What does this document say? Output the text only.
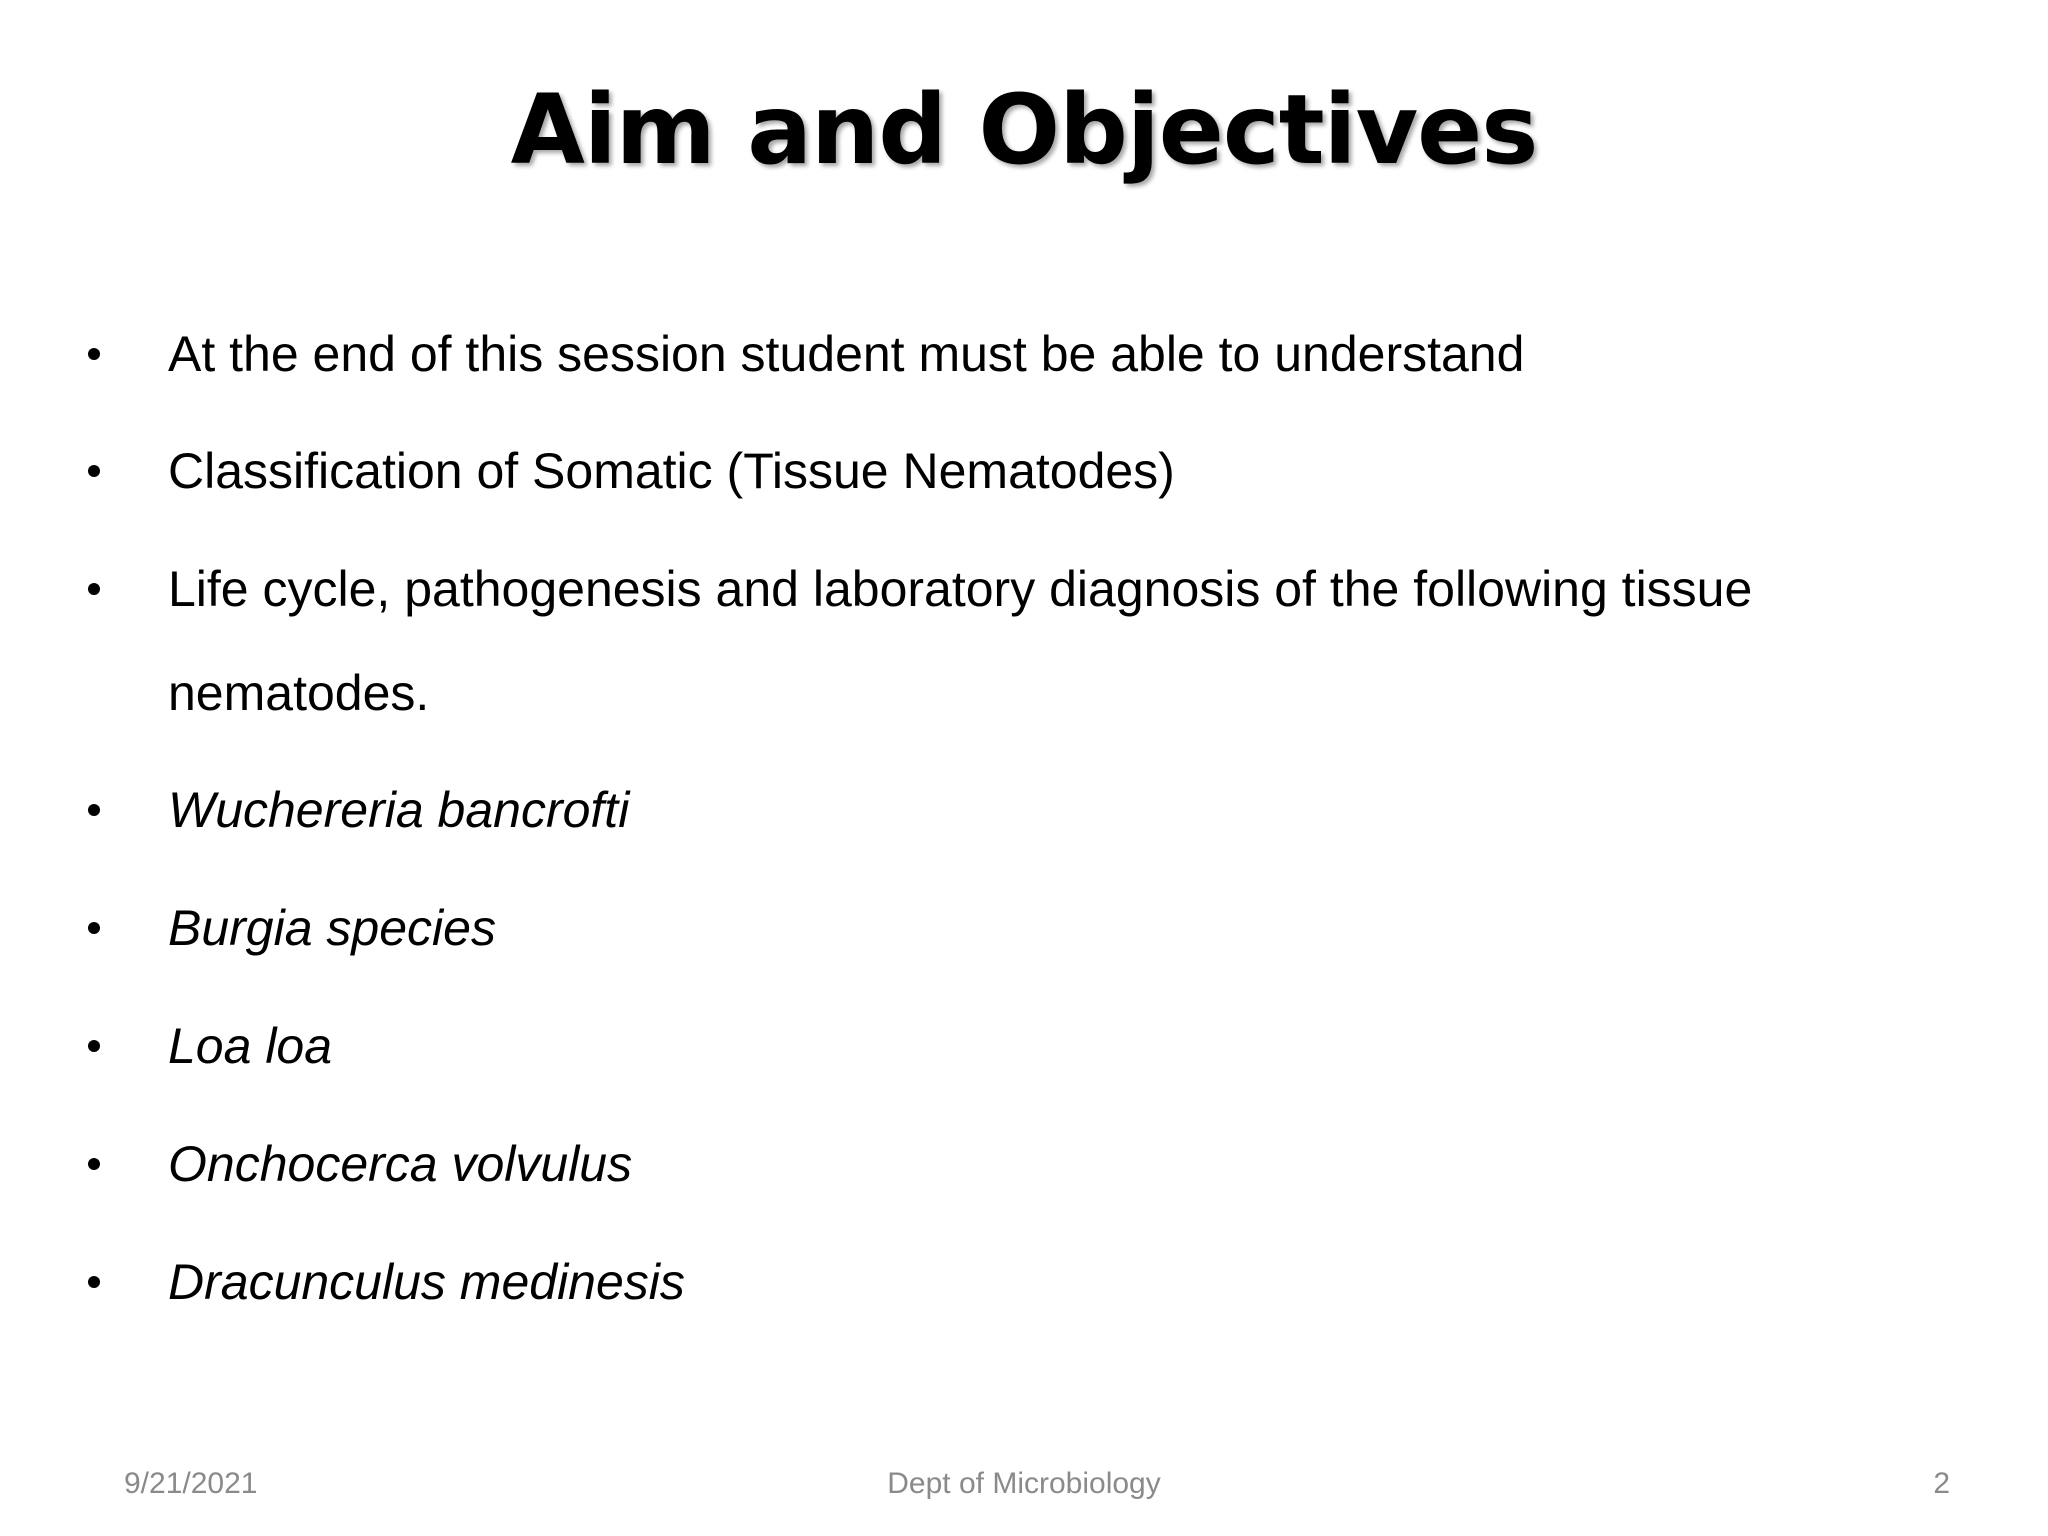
Aim and Objectives
At the end of this session student must be able to understand
Classification of Somatic (Tissue Nematodes)
Life cycle, pathogenesis and laboratory diagnosis of the following tissue nematodes.
Wuchereria bancrofti
Burgia species
Loa loa
Onchocerca volvulus
Dracunculus medinesis
9/21/2021	Dept of Microbiology	2
